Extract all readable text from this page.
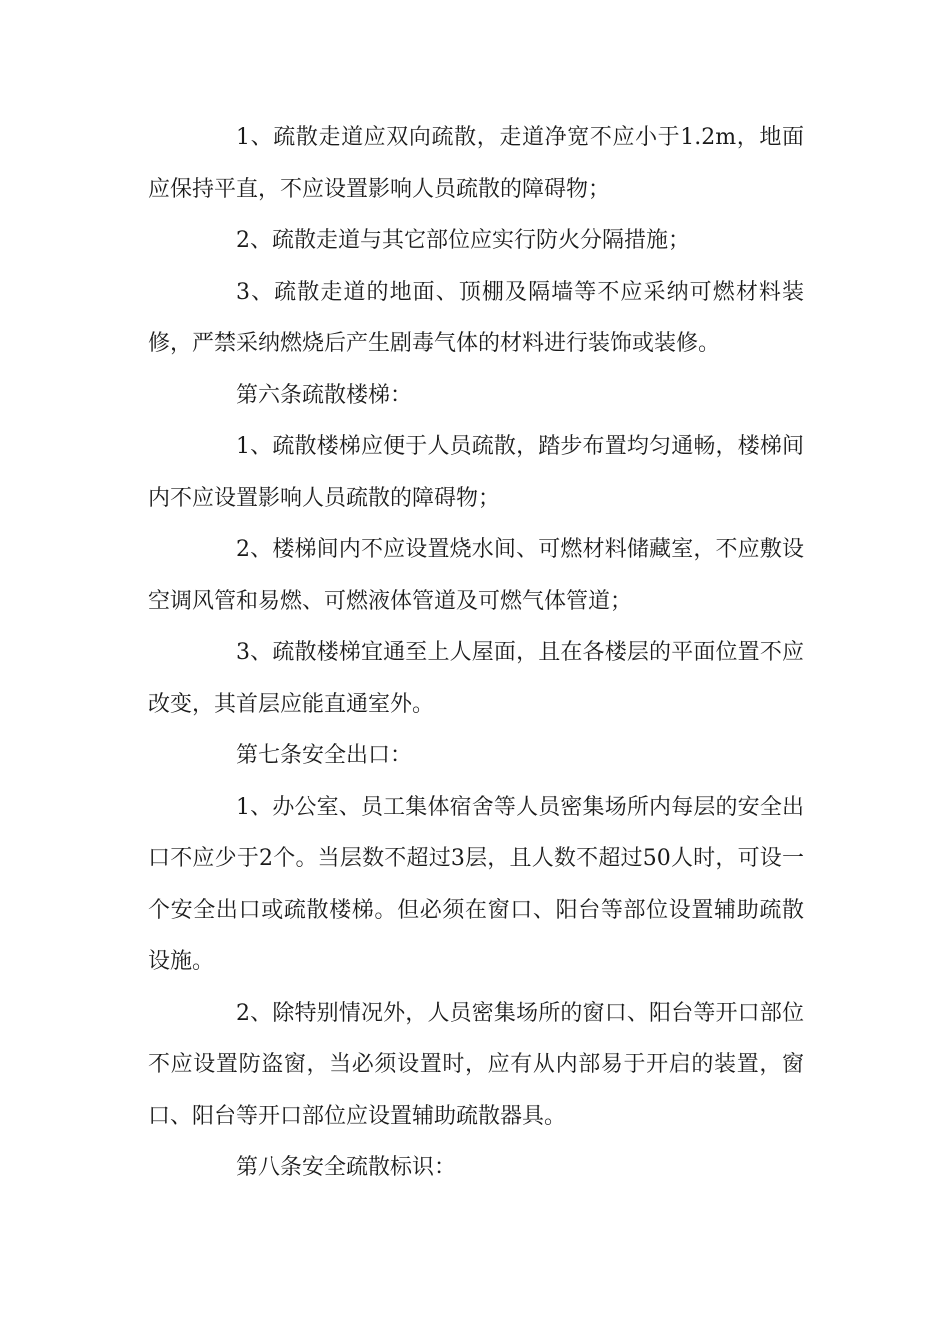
1、疏散走道应双向疏散，走道净宽不应小于1.2m，地面应保持平直，不应设置影响人员疏散的障碍物；

2、疏散走道与其它部位应实行防火分隔措施；

3、疏散走道的地面、顶棚及隔墙等不应采纳可燃材料装修，严禁采纳燃烧后产生剧毒气体的材料进行装饰或装修。

第六条疏散楼梯：

1、疏散楼梯应便于人员疏散，踏步布置均匀通畅，楼梯间内不应设置影响人员疏散的障碍物；

2、楼梯间内不应设置烧水间、可燃材料储藏室，不应敷设空调风管和易燃、可燃液体管道及可燃气体管道；

3、疏散楼梯宜通至上人屋面，且在各楼层的平面位置不应改变，其首层应能直通室外。

第七条安全出口：

1、办公室、员工集体宿舍等人员密集场所内每层的安全出口不应少于2个。当层数不超过3层，且人数不超过50人时，可设一个安全出口或疏散楼梯。但必须在窗口、阳台等部位设置辅助疏散设施。

2、除特别情况外，人员密集场所的窗口、阳台等开口部位不应设置防盗窗，当必须设置时，应有从内部易于开启的装置，窗口、阳台等开口部位应设置辅助疏散器具。

第八条安全疏散标识：
